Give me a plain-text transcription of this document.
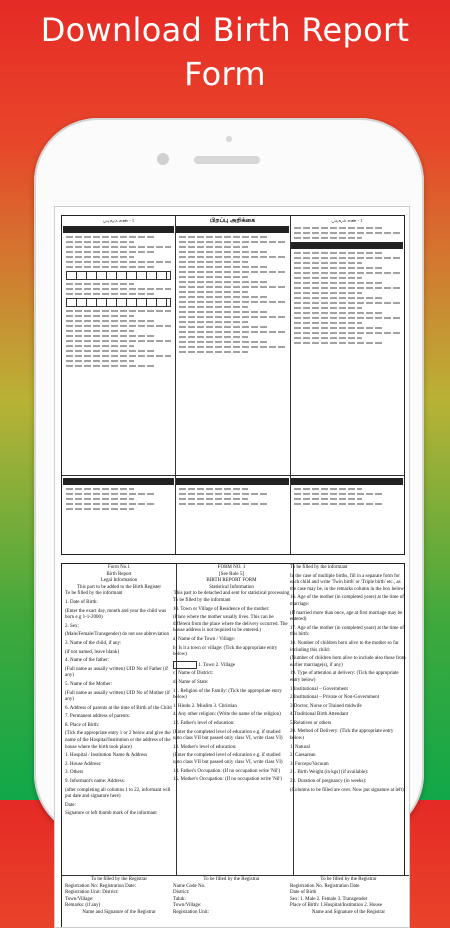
Download Birth Report
Form
படிவம் எண் - 1

	பிறப்பு அறிக்கை

	படிவம் எண் - 1

Form No.1
Birth Report
Legal Information
This part to be added to the Birth Register

To be filled by the informant

1. Date of Birth:

(Enter the exact day, month and year the child was born e.g 1-1-2000)

2. Sex:

(Male/Female/Transgender) do not use abbreviation

3. Name of the child, if any:

(if not named, leave blank)

4. Name of the father:

(Full name as usually written) UID No of Father (if any)

5. Name of the Mother:

(Full name as usually written) UID No of Mother (if any)

6. Address of parents at the time of Birth of the Child

7. Permanent address of parents:

8. Place of Birth:

(Tick the appropriate entry 1 or 2 below and give the name of the Hospital/Institution or the address of the house where the birth took place)

1. Hospital / Institution Name & Address

2. House Address:

3. Others

9. Informant's name: Address:

(after completing all columns 1 to 22, informant will put date and signature here)

Date:

Signature or left thumb mark of the informant

To be filled by the Registrar
Registration No: Registration Date:
Registration Unit: District:
Town/Village:
Remarks: (if any)
Name and Signature of the Registrar
FORM NO. 1
[See Rule 5]
BIRTH REPORT FORM
Statistical Information
This part to be detached and sent for statistical processing

To be filled by the informant

10. Town or Village of Residence of the mother:

(Place where the mother usually lives. This can be different from the place where the delivery occurred. The house address is not required to be entered.)

a) Name of the Town / Village:

b) Is it a town or village: (Tick the appropriate entry below)

1. Town 2. Village

c) Name of District:

d) Name of State:

11. Religion of the Family: (Tick the appropriate entry below)

1. Hindu 2. Muslim 3. Christian

4. Any other religion: (Write the name of the religion)

12. Father's level of education:

(Enter the completed level of education e.g. if studied upto class VII but passed only class VI, write class VI)

13. Mother's level of education:

(Enter the completed level of education e.g. if studied upto class VII but passed only class VI, write class VI)

14. Father's Occupation: (If no occupation write 'Nil')

15. Mother's Occupation: (If no occupation write 'Nil')

To be filled by the Registrar
Name Code No.
District:
Taluk:
Town/Village:
Registration Unit:

To be filled by the informant

In the case of multiple births, fill in a separate form for each child and write 'Twin birth' or 'Triple birth' etc., as the case may be, in the remarks column in the box below

16. Age of the mother (in completed years) at the time of marriage:

(If married more than once, age at first marriage may be entered)

17. Age of the mother (in completed years) at the time of this birth:

18. Number of children born alive to the mother so far including this child:

(Number of children born alive to include also those from earlier marriage(s), if any)

19. Type of attention at delivery: (Tick the appropriate entry below)

1.Institutional – Government

2.Institutional – Private or Non-Government

3.Doctor, Nurse or Trained midwife

4.Traditional Birth Attendant

5.Relatives or others

20. Method of Delivery: (Tick the appropriate entry below)

1. Natural

2. Caesarean

3. Forceps/Vacuum

21. Birth Weight (in kgs) (if available):

22. Duration of pregnancy (in weeks):

(Columns to be filled are over. Now put signature at left)

To be filled by the Registrar
Registration No. Registration Date
Date of Birth
Sex: 1. Male 2. Female 3. Transgender
Place of Birth: 1.Hospital/Institution 2. House
Name and Signature of the Registrar
